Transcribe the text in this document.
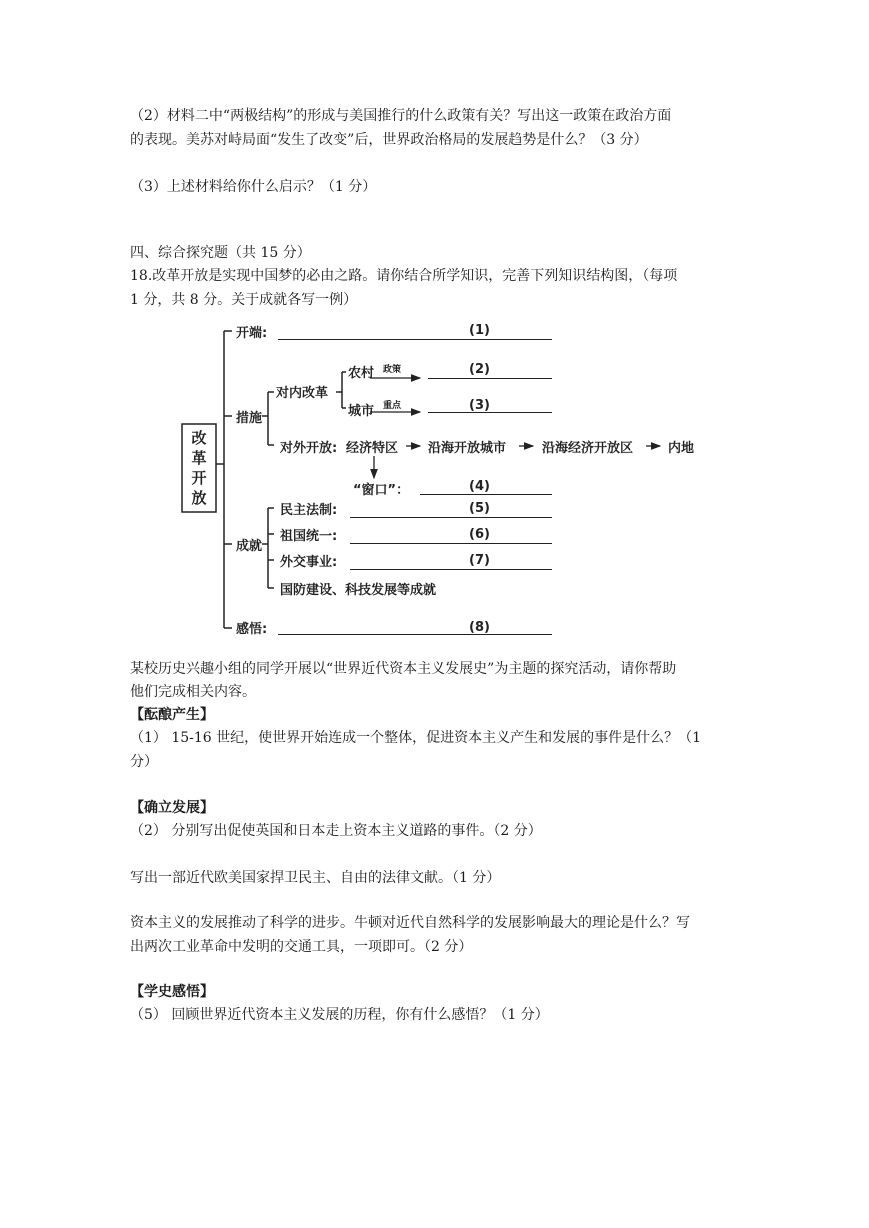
（2）材料二中“两极结构”的形成与美国推行的什么政策有关？写出这一政策在政治方面
的表现。美苏对峙局面“发生了改变”后，世界政治格局的发展趋势是什么？（3 分）
（3）上述材料给你什么启示？（1 分）
四、综合探究题（共 15 分）
18.改革开放是实现中国梦的必由之路。请你结合所学知识，完善下列知识结构图，（每项
1 分，共 8 分。关于成就各写一例）
改革开放
开端:	(1)
措施
对内改革
农村 政策	(2)
城市 重点	(3)
对外开放: 经济特区 沿海开放城市	沿海经济开放区	内地
“窗口”：	(4)
成就
民主法制:	(5)
祖国统一:	(6)
外交事业:	(7)
国防建设、科技发展等成就
感悟:	(8)
某校历史兴趣小组的同学开展以“世界近代资本主义发展史”为主题的探究活动，请你帮助
他们完成相关内容。
【酝酿产生】
（1） 15-16 世纪，使世界开始连成一个整体，促进资本主义产生和发展的事件是什么？（1
分）
【确立发展】
（2） 分别写出促使英国和日本走上资本主义道路的事件。（2 分）
写出一部近代欧美国家捍卫民主、自由的法律文献。（1 分）
资本主义的发展推动了科学的进步。牛顿对近代自然科学的发展影响最大的理论是什么？写
出两次工业革命中发明的交通工具，一项即可。（2 分）
【学史感悟】
（5） 回顾世界近代资本主义发展的历程，你有什么感悟？（1 分）
